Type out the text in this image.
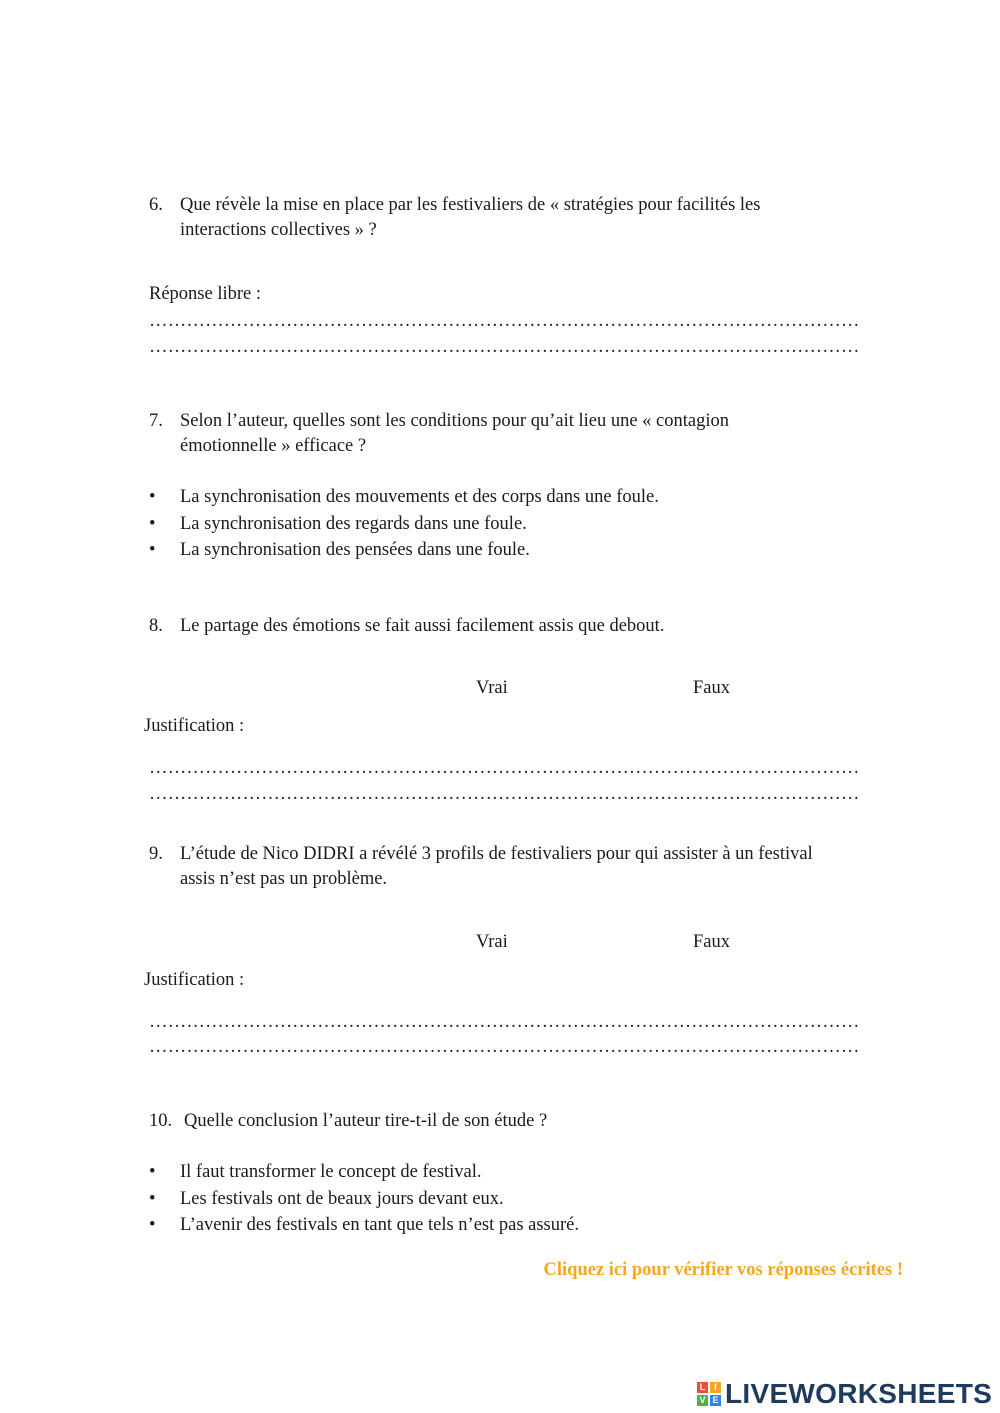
6. Que révèle la mise en place par les festivaliers de « stratégies pour facilités les
interactions collectives » ?
Réponse libre :
……………………………………………………………………………………………………
……………………………………………………………………………………………………
7. Selon l’auteur, quelles sont les conditions pour qu’ait lieu une « contagion
émotionnelle » efficace ?
• La synchronisation des mouvements et des corps dans une foule.
• La synchronisation des regards dans une foule.
• La synchronisation des pensées dans une foule.
8. Le partage des émotions se fait aussi facilement assis que debout.
Vrai	Faux
Justification :
……………………………………………………………………………………………………
……………………………………………………………………………………………………
9. L’étude de Nico DIDRI a révélé 3 profils de festivaliers pour qui assister à un festival
assis n’est pas un problème.
Vrai	Faux
Justification :
……………………………………………………………………………………………………
……………………………………………………………………………………………………
10. Quelle conclusion l’auteur tire-t-il de son étude ?
• Il faut transformer le concept de festival.
• Les festivals ont de beaux jours devant eux.
• L’avenir des festivals en tant que tels n’est pas assuré.
Cliquez ici pour vérifier vos réponses écrites !
L I
V E LIVEWORKSHEETS
